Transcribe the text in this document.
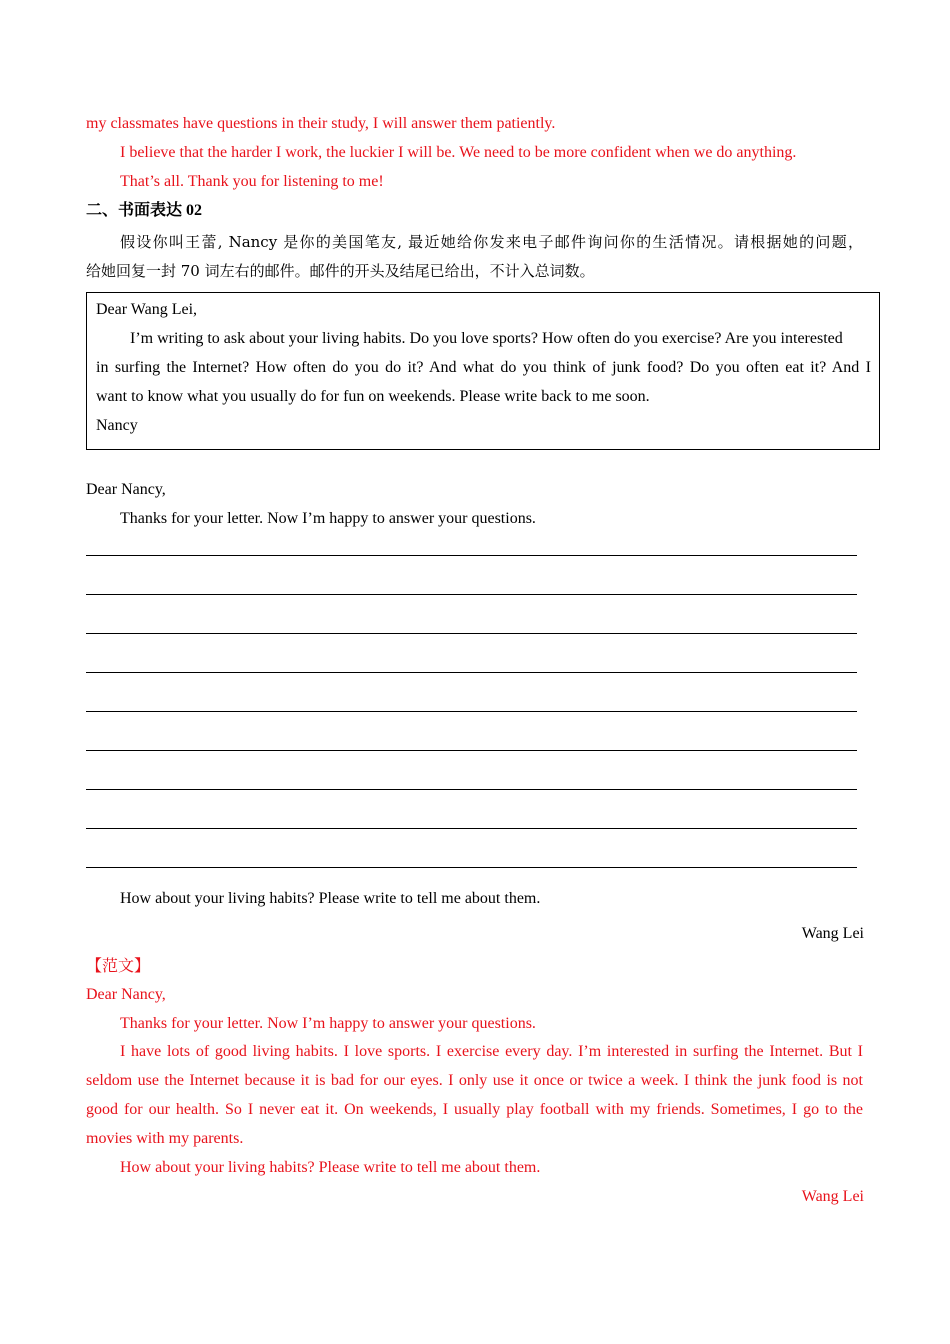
my classmates have questions in their study, I will answer them patiently.
I believe that the harder I work, the luckier I will be. We need to be more confident when we do anything.
That’s all. Thank you for listening to me!
二、书面表达 02
假设你叫王蕾, Nancy 是你的美国笔友, 最近她给你发来电子邮件询问你的生活情况。请根据她的问题，
给她回复一封 70 词左右的邮件。邮件的开头及结尾已给出，不计入总词数。
Dear Wang Lei,
I’m writing to ask about your living habits. Do you love sports? How often do you exercise? Are you interested
in surfing the Internet? How often do you do it? And what do you think of junk food? Do you often eat it? And I
want to know what you usually do for fun on weekends. Please write back to me soon.
Nancy
Dear Nancy,
Thanks for your letter. Now I’m happy to answer your questions.
How about your living habits? Please write to tell me about them.
Wang Lei
【范文】
Dear Nancy,
Thanks for your letter. Now I’m happy to answer your questions.
I have lots of good living habits. I love sports. I exercise every day. I’m interested in surfing the Internet. But I
seldom use the Internet because it is bad for our eyes. I only use it once or twice a week. I think the junk food is not
good for our health. So I never eat it. On weekends, I usually play football with my friends. Sometimes, I go to the
movies with my parents.
How about your living habits? Please write to tell me about them.
Wang Lei
